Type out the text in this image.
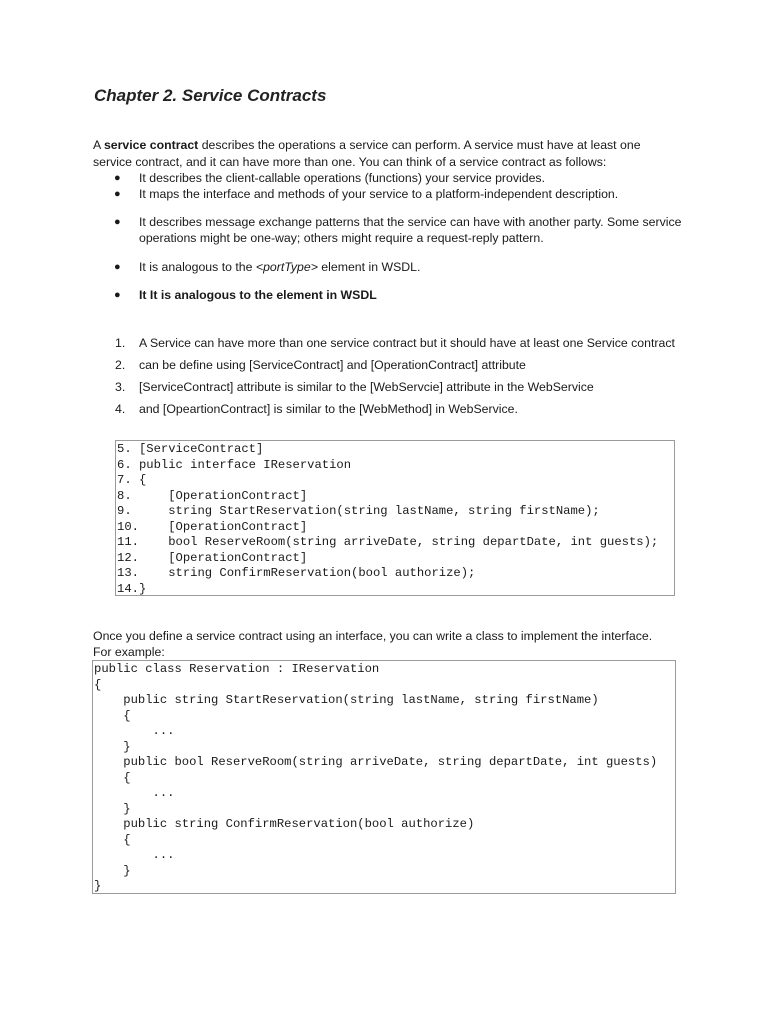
Chapter 2. Service Contracts

A service contract describes the operations a service can perform. A service must have at least one

service contract, and it can have more than one. You can think of a service contract as follows:

● It describes the client-callable operations (functions) your service provides.
● It maps the interface and methods of your service to a platform-independent description.
● It describes message exchange patterns that the service can have with another party. Some service operations might be one-way; others might require a request-reply pattern.
● It is analogous to the <portType> element in WSDL.
● It It is analogous to the element in WSDL
1. A Service can have more than one service contract but it should have at least one Service contract
2. can be define using [ServiceContract] and [OperationContract] attribute
3. [ServiceContract] attribute is similar to the [WebServcie] attribute in the WebService
4. and [OpeartionContract] is similar to the [WebMethod] in WebService.
5. [ServiceContract]
6. public interface IReservation
7. {
8.     [OperationContract]
9.     string StartReservation(string lastName, string firstName);
10.    [OperationContract]
11.    bool ReserveRoom(string arriveDate, string departDate, int guests);
12.    [OperationContract]
13.    string ConfirmReservation(bool authorize);
14.}

Once you define a service contract using an interface, you can write a class to implement the interface.

For example:

public class Reservation : IReservation
{
public string StartReservation(string lastName, string firstName)
{
...
}
public bool ReserveRoom(string arriveDate, string departDate, int guests)
{
...
}
public string ConfirmReservation(bool authorize)
{
...
}
}
